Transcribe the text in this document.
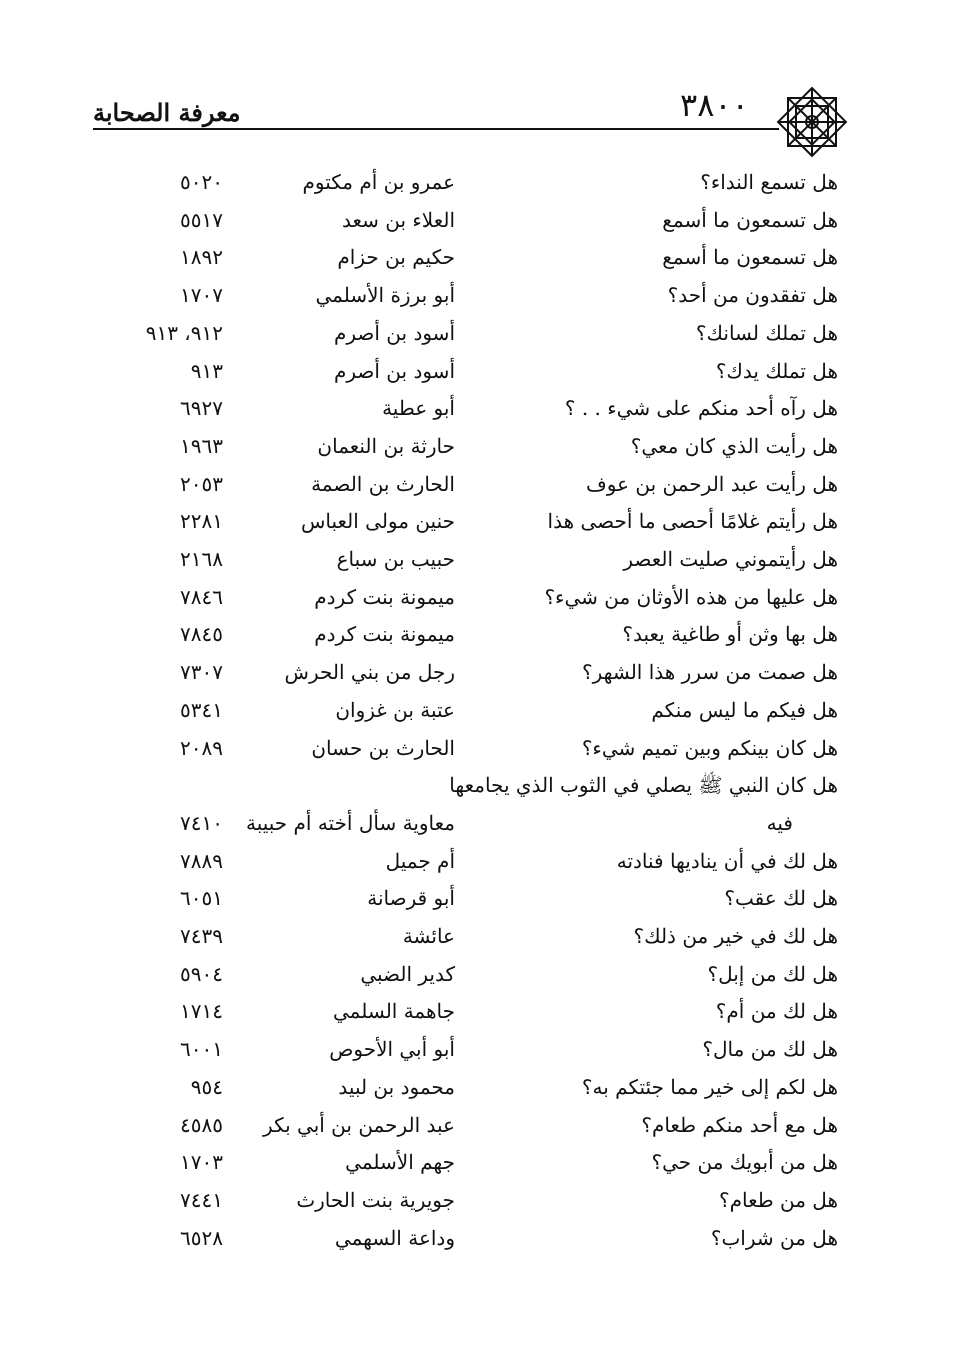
معرفة الصحابة	٣٨٠٠
هل تسمع النداء؟
عمرو بن أم مكتوم
٥٠٢٠
هل تسمعون ما أسمع
العلاء بن سعد
٥٥١٧
هل تسمعون ما أسمع
حكيم بن حزام
١٨٩٢
هل تفقدون من أحد؟
أبو برزة الأسلمي
١٧٠٧
هل تملك لسانك؟
أسود بن أصرم
٩١٢، ٩١٣
هل تملك يدك؟
أسود بن أصرم
٩١٣
هل رآه أحد منكم على شيء . . ؟
أبو عطية
٦٩٢٧
هل رأيت الذي كان معي؟
حارثة بن النعمان
١٩٦٣
هل رأيت عبد الرحمن بن عوف
الحارث بن الصمة
٢٠٥٣
هل رأيتم غلامًا أحصى ما أحصى هذا
حنين مولى العباس
٢٢٨١
هل رأيتموني صليت العصر
حبيب بن سباع
٢١٦٨
هل عليها من هذه الأوثان من شيء؟
ميمونة بنت كردم
٧٨٤٦
هل بها وثن أو طاغية يعبد؟
ميمونة بنت كردم
٧٨٤٥
هل صمت من سرر هذا الشهر؟
رجل من بني الحرش
٧٣٠٧
هل فيكم ما ليس منكم
عتبة بن غزوان
٥٣٤١
هل كان بينكم وبين تميم شيء؟
الحارث بن حسان
٢٠٨٩
هل كان النبي ﷺ يصلي في الثوب الذي يجامعها
فيه
معاوية سأل أخته أم حبيبة
٧٤١٠
هل لك في أن يناديها فنادته
أم جميل
٧٨٨٩
هل لك عقب؟
أبو قرصانة
٦٠٥١
هل لك في خير من ذلك؟
عائشة
٧٤٣٩
هل لك من إبل؟
كدير الضبي
٥٩٠٤
هل لك من أم؟
جاهمة السلمي
١٧١٤
هل لك من مال؟
أبو أبي الأحوص
٦٠٠١
هل لكم إلى خير مما جئتكم به؟
محمود بن لبيد
٩٥٤
هل مع أحد منكم طعام؟
عبد الرحمن بن أبي بكر
٤٥٨٥
هل من أبويك من حي؟
جهم الأسلمي
١٧٠٣
هل من طعام؟
جويرية بنت الحارث
٧٤٤١
هل من شراب؟
وداعة السهمي
٦٥٢٨
